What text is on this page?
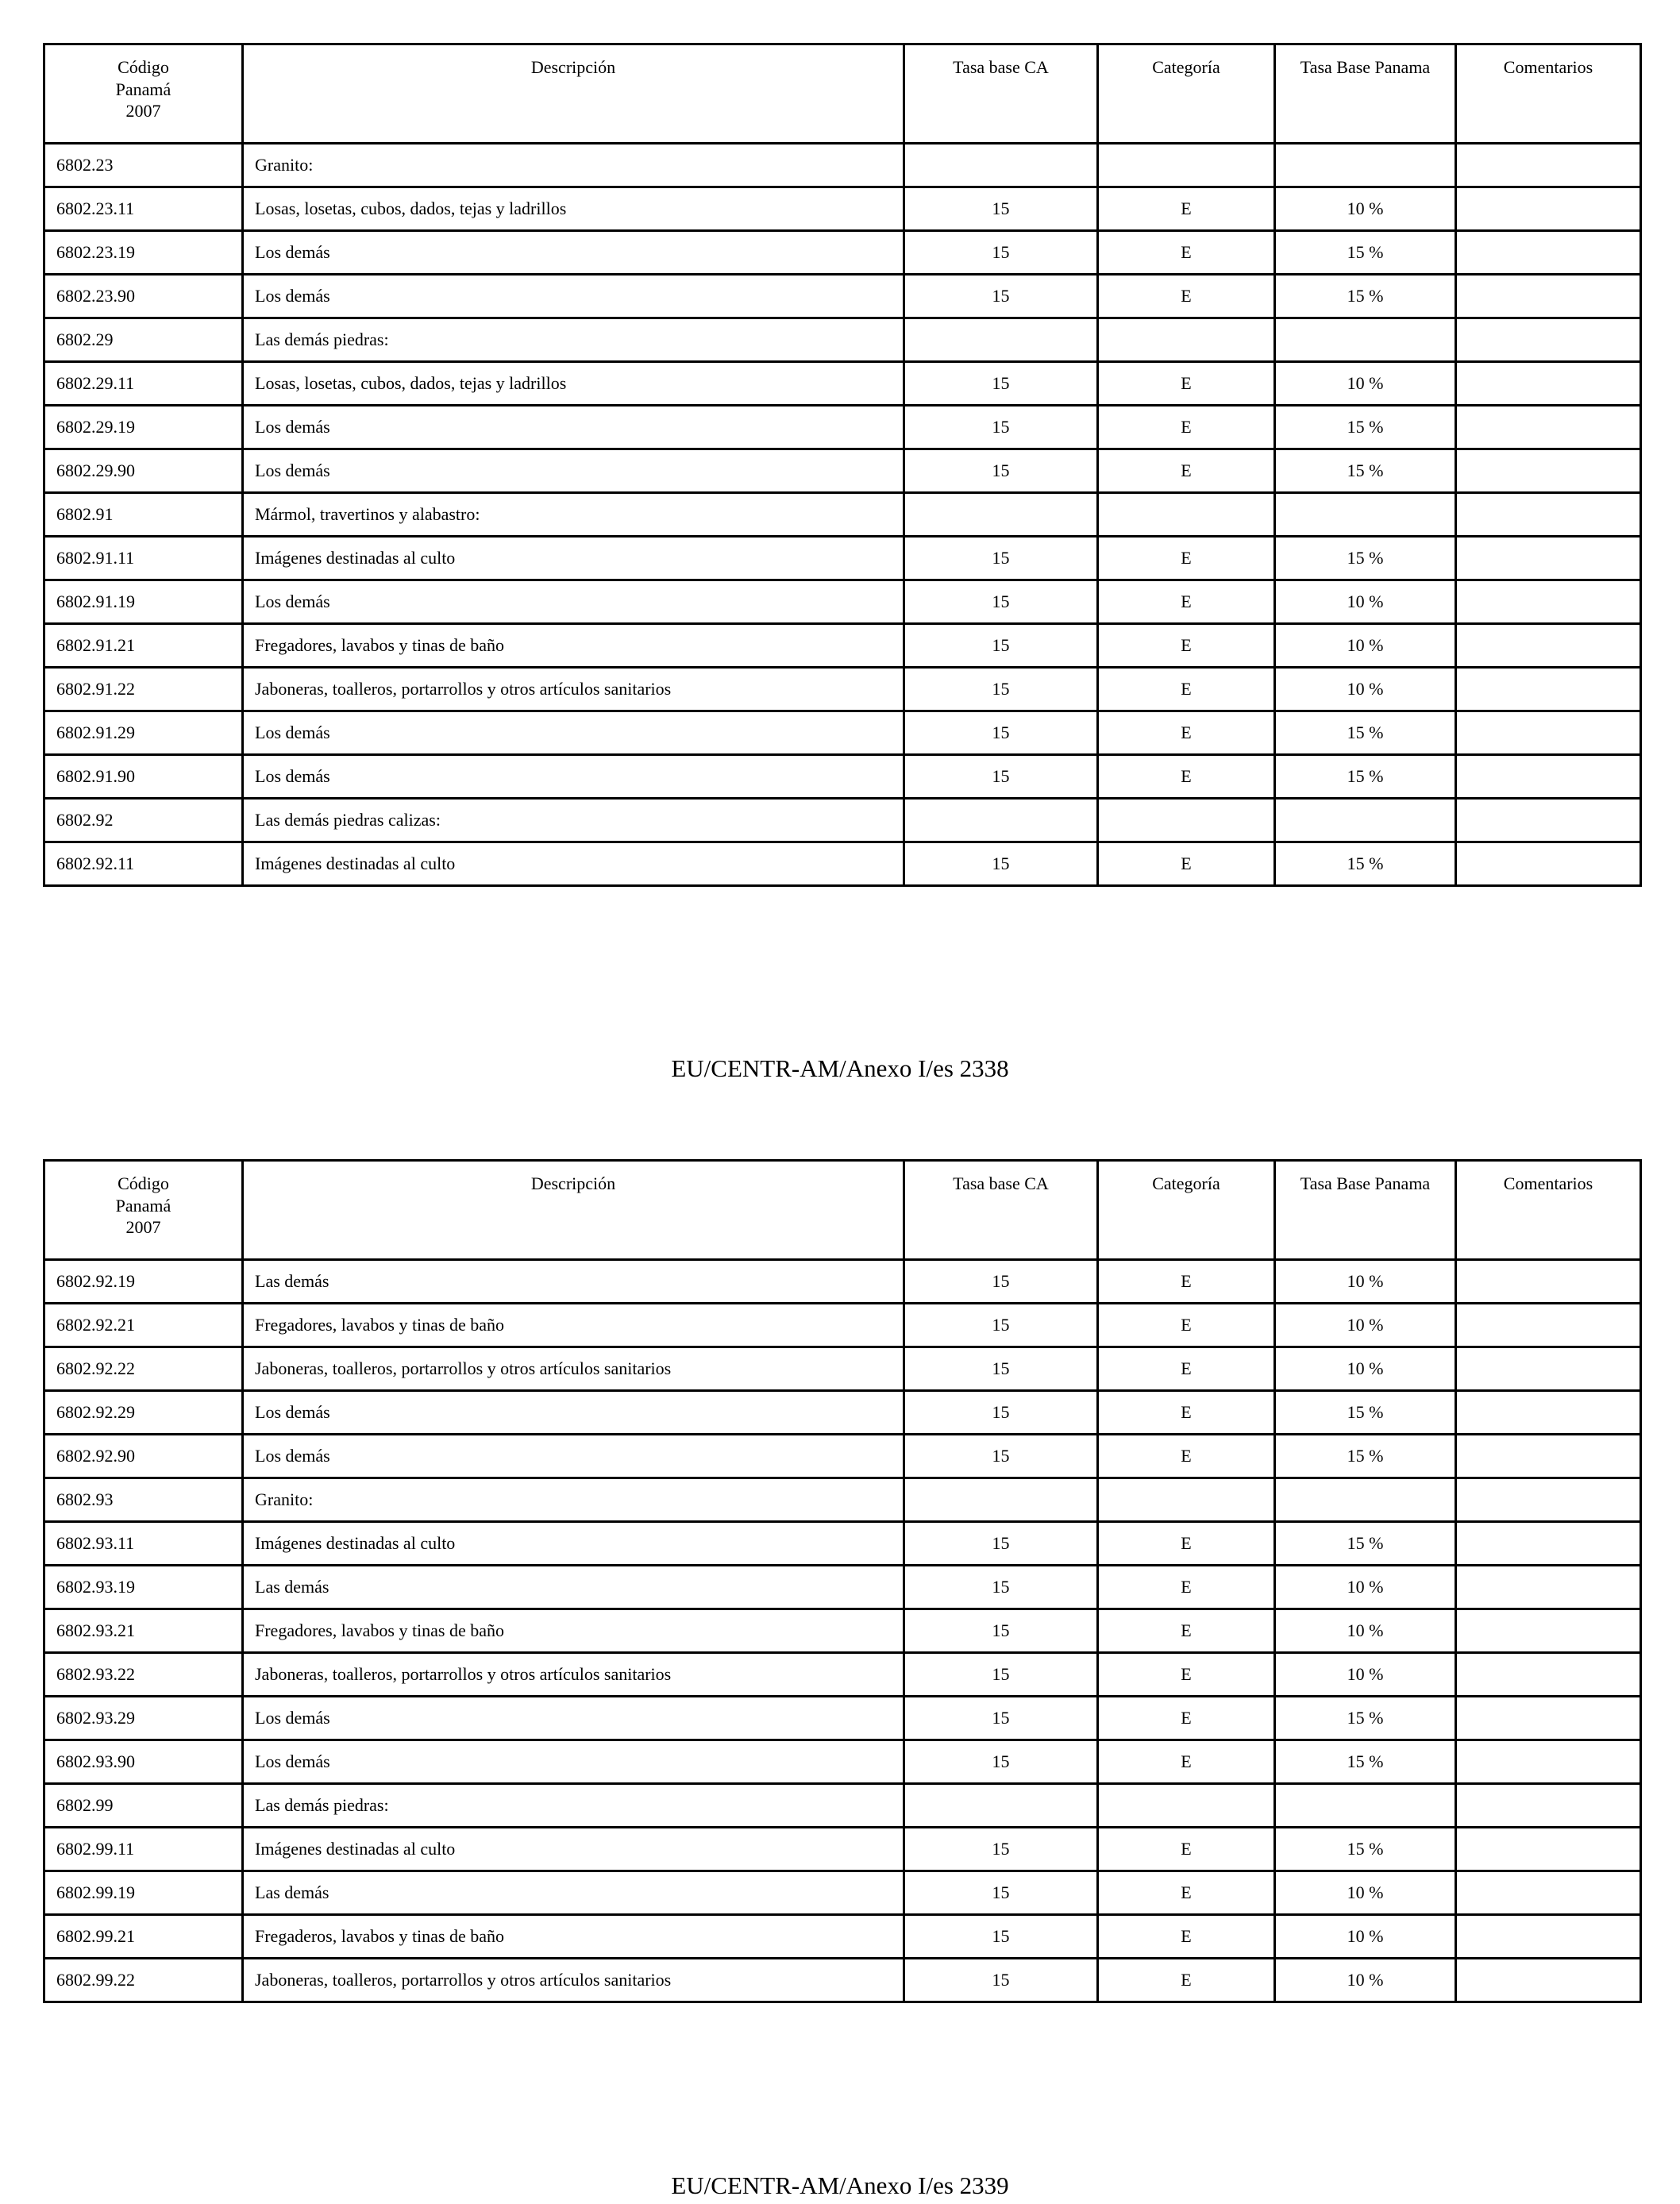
Código
Panamá
2007	Descripción	Tasa base CA	Categoría	Tasa Base Panama	Comentarios
6802.23	Granito:				
6802.23.11	Losas, losetas, cubos, dados, tejas y ladrillos	15	E	10 %	
6802.23.19	Los demás	15	E	15 %	
6802.23.90	Los demás	15	E	15 %	
6802.29	Las demás piedras:				
6802.29.11	Losas, losetas, cubos, dados, tejas y ladrillos	15	E	10 %	
6802.29.19	Los demás	15	E	15 %	
6802.29.90	Los demás	15	E	15 %	
6802.91	Mármol, travertinos y alabastro:				
6802.91.11	Imágenes destinadas al culto	15	E	15 %	
6802.91.19	Los demás	15	E	10 %	
6802.91.21	Fregadores, lavabos y tinas de baño	15	E	10 %	
6802.91.22	Jaboneras, toalleros, portarrollos y otros artículos sanitarios	15	E	10 %	
6802.91.29	Los demás	15	E	15 %	
6802.91.90	Los demás	15	E	15 %	
6802.92	Las demás piedras calizas:				
6802.92.11	Imágenes destinadas al culto	15	E	15 %	
EU/CENTR-AM/Anexo I/es 2338
Código
Panamá
2007	Descripción	Tasa base CA	Categoría	Tasa Base Panama	Comentarios
6802.92.19	Las demás	15	E	10 %	
6802.92.21	Fregadores, lavabos y tinas de baño	15	E	10 %	
6802.92.22	Jaboneras, toalleros, portarrollos y otros artículos sanitarios	15	E	10 %	
6802.92.29	Los demás	15	E	15 %	
6802.92.90	Los demás	15	E	15 %	
6802.93	Granito:				
6802.93.11	Imágenes destinadas al culto	15	E	15 %	
6802.93.19	Las demás	15	E	10 %	
6802.93.21	Fregadores, lavabos y tinas de baño	15	E	10 %	
6802.93.22	Jaboneras, toalleros, portarrollos y otros artículos sanitarios	15	E	10 %	
6802.93.29	Los demás	15	E	15 %	
6802.93.90	Los demás	15	E	15 %	
6802.99	Las demás piedras:				
6802.99.11	Imágenes destinadas al culto	15	E	15 %	
6802.99.19	Las demás	15	E	10 %	
6802.99.21	Fregaderos, lavabos y tinas de baño	15	E	10 %	
6802.99.22	Jaboneras, toalleros, portarrollos y otros artículos sanitarios	15	E	10 %	
EU/CENTR-AM/Anexo I/es 2339
